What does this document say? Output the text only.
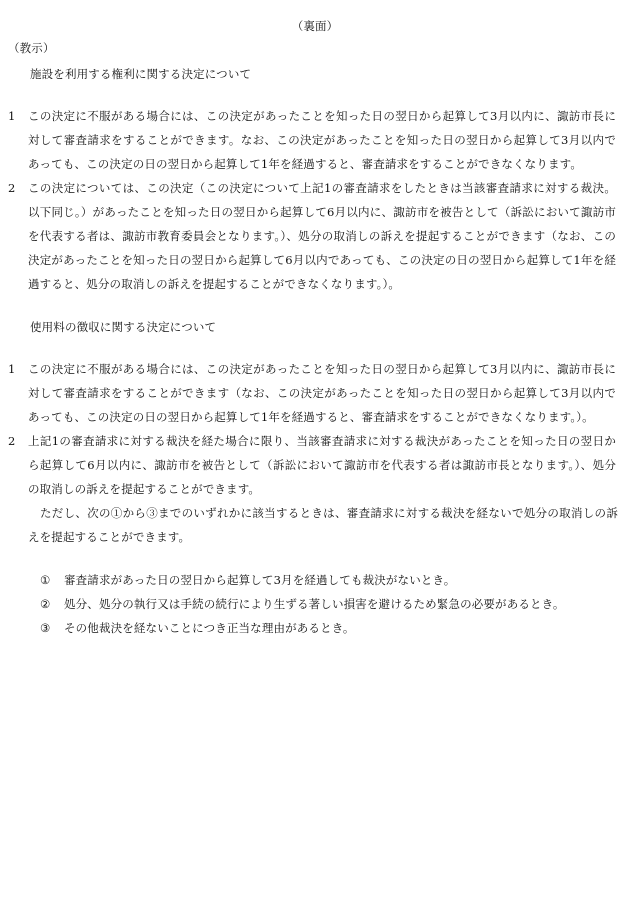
（裏面）
（教示）
施設を利用する権利に関する決定について
1	この決定に不服がある場合には、この決定があったことを知った日の翌日から起算して3月以内に、諏訪市長に対して審査請求をすることができます。なお、この決定があったことを知った日の翌日から起算して3月以内であっても、この決定の日の翌日から起算して1年を経過すると、審査請求をすることができなくなります。
2	この決定については、この決定（この決定について上記1の審査請求をしたときは当該審査請求に対する裁決。以下同じ。）があったことを知った日の翌日から起算して6月以内に、諏訪市を被告として（訴訟において諏訪市を代表する者は、諏訪市教育委員会となります。）、処分の取消しの訴えを提起することができます（なお、この決定があったことを知った日の翌日から起算して6月以内であっても、この決定の日の翌日から起算して1年を経過すると、処分の取消しの訴えを提起することができなくなります。）。
使用料の徴収に関する決定について
1	この決定に不服がある場合には、この決定があったことを知った日の翌日から起算して3月以内に、諏訪市長に対して審査請求をすることができます（なお、この決定があったことを知った日の翌日から起算して3月以内であっても、この決定の日の翌日から起算して1年を経過すると、審査請求をすることができなくなります。）。
2	上記1の審査請求に対する裁決を経た場合に限り、当該審査請求に対する裁決があったことを知った日の翌日から起算して6月以内に、諏訪市を被告として（訴訟において諏訪市を代表する者は諏訪市長となります。）、処分の取消しの訴えを提起することができます。
ただし、次の①から③までのいずれかに該当するときは、審査請求に対する裁決を経ないで処分の取消しの訴えを提起することができます。
①	審査請求があった日の翌日から起算して3月を経過しても裁決がないとき。
②	処分、処分の執行又は手続の続行により生ずる著しい損害を避けるため緊急の必要があるとき。
③	その他裁決を経ないことにつき正当な理由があるとき。
